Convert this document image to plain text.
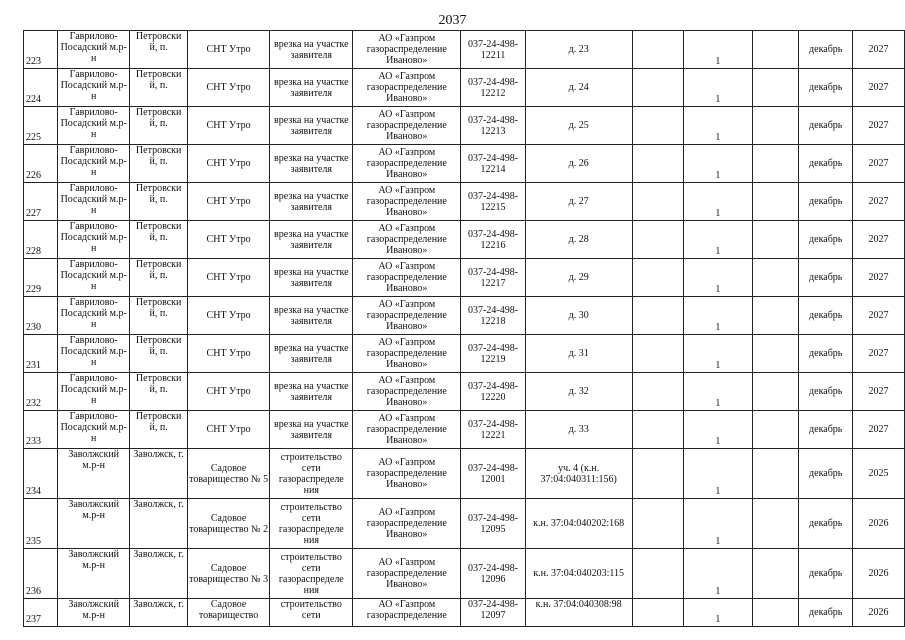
2037
223	Гаврилово-Посадский м.р-н	Петровски й, п.	СНТ Утро	врезка на участке заявителя	АО «Газпром газораспределение Иваново»	037-24-498-12211	д. 23		1		декабрь	2027
224	Гаврилово-Посадский м.р-н	Петровски й, п.	СНТ Утро	врезка на участке заявителя	АО «Газпром газораспределение Иваново»	037-24-498-12212	д. 24		1		декабрь	2027
225	Гаврилово-Посадский м.р-н	Петровски й, п.	СНТ Утро	врезка на участке заявителя	АО «Газпром газораспределение Иваново»	037-24-498-12213	д. 25		1		декабрь	2027
226	Гаврилово-Посадский м.р-н	Петровски й, п.	СНТ Утро	врезка на участке заявителя	АО «Газпром газораспределение Иваново»	037-24-498-12214	д. 26		1		декабрь	2027
227	Гаврилово-Посадский м.р-н	Петровски й, п.	СНТ Утро	врезка на участке заявителя	АО «Газпром газораспределение Иваново»	037-24-498-12215	д. 27		1		декабрь	2027
228	Гаврилово-Посадский м.р-н	Петровски й, п.	СНТ Утро	врезка на участке заявителя	АО «Газпром газораспределение Иваново»	037-24-498-12216	д. 28		1		декабрь	2027
229	Гаврилово-Посадский м.р-н	Петровски й, п.	СНТ Утро	врезка на участке заявителя	АО «Газпром газораспределение Иваново»	037-24-498-12217	д. 29		1		декабрь	2027
230	Гаврилово-Посадский м.р-н	Петровски й, п.	СНТ Утро	врезка на участке заявителя	АО «Газпром газораспределение Иваново»	037-24-498-12218	д. 30		1		декабрь	2027
231	Гаврилово-Посадский м.р-н	Петровски й, п.	СНТ Утро	врезка на участке заявителя	АО «Газпром газораспределение Иваново»	037-24-498-12219	д. 31		1		декабрь	2027
232	Гаврилово-Посадский м.р-н	Петровски й, п.	СНТ Утро	врезка на участке заявителя	АО «Газпром газораспределение Иваново»	037-24-498-12220	д. 32		1		декабрь	2027
233	Гаврилово-Посадский м.р-н	Петровски й, п.	СНТ Утро	врезка на участке заявителя	АО «Газпром газораспределение Иваново»	037-24-498-12221	д. 33		1		декабрь	2027
234	Заволжский м.р-н	Заволжск, г.	Садовое товарищество № 5	строительство сети газораспределе ния	АО «Газпром газораспределение Иваново»	037-24-498-12001	уч. 4 (к.н. 37:04:040311:156)		1		декабрь	2025
235	Заволжский м.р-н	Заволжск, г.	Садовое товарищество № 2	строительство сети газораспределе ния	АО «Газпром газораспределение Иваново»	037-24-498-12095	к.н. 37:04:040202:168		1		декабрь	2026
236	Заволжский м.р-н	Заволжск, г.	Садовое товарищество № 3	строительство сети газораспределе ния	АО «Газпром газораспределение Иваново»	037-24-498-12096	к.н. 37:04:040203:115		1		декабрь	2026
237	Заволжский м.р-н	Заволжск, г.	Садовое товарищество	строительство сети	АО «Газпром газораспределение	037-24-498-12097	к.н. 37:04:040308:98		1		декабрь	2026
